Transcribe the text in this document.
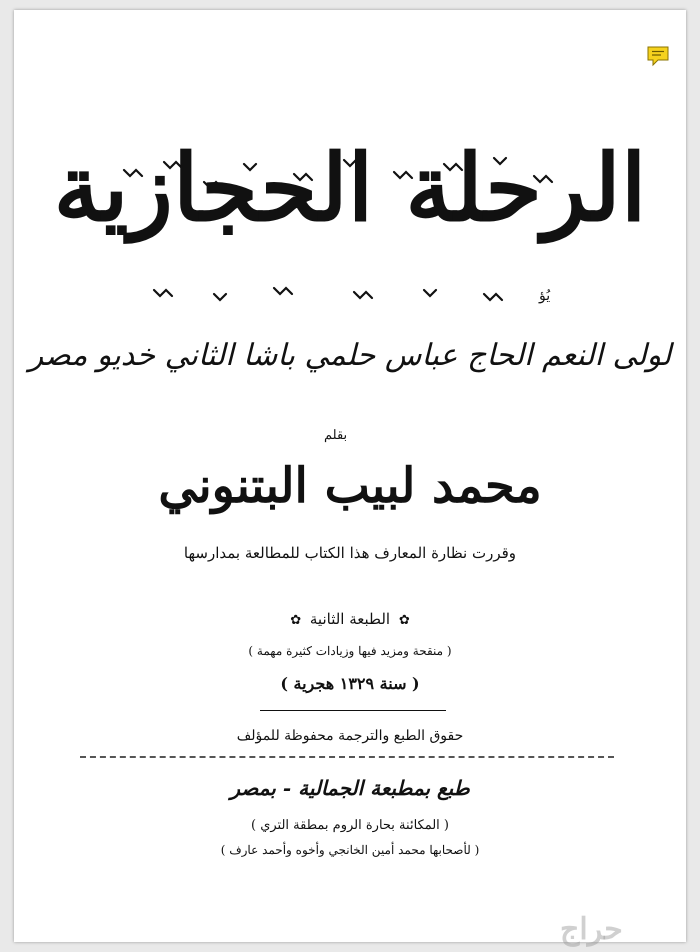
يُؤ
الرحلة الحجازية
لولى النعم الحاج عباس حلمي باشا الثاني خديو مصر
بقلم
محمد لبيب البتنوني
وقررت نظارة المعارف هذا الكتاب للمطالعة بمدارسها
✿ الطبعة الثانية ✿
( منقحة ومزيد فيها وزيادات كثيرة مهمة )
( سنة ١٣٢٩ هجرية )
حقوق الطبع والترجمة محفوظة للمؤلف
طبع بمطبعة الجمالية - بمصر
( المكائنة بحارة الروم بمطقة التري )
( لأصحابها محمد أمين الخانجي وأخوه وأحمد عارف )
حراج
